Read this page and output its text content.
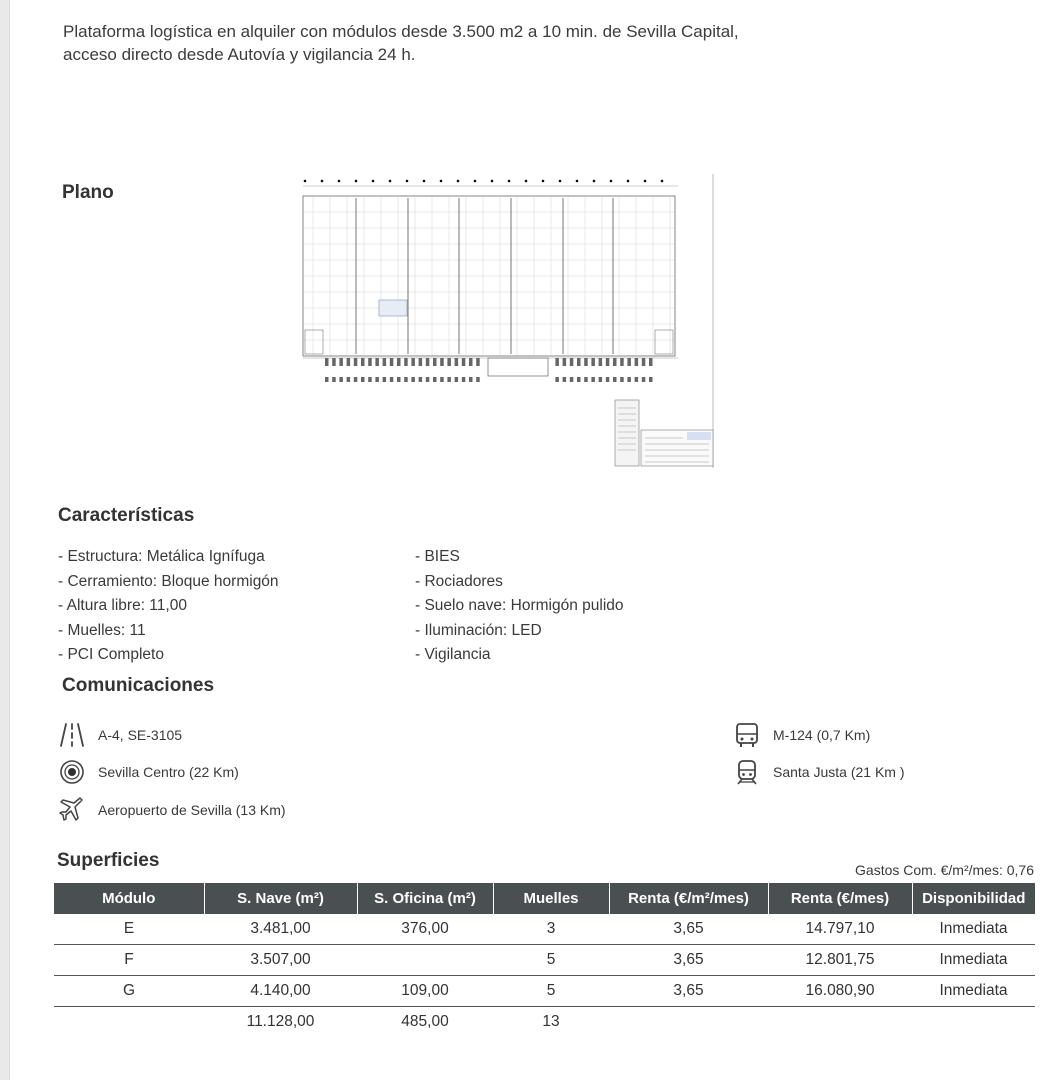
Plataforma logística en alquiler con módulos desde 3.500 m2 a 10 min. de Sevilla Capital, acceso directo desde Autovía y vigilancia 24 h.
Plano
Características
- Estructura: Metálica Ignífuga
- Cerramiento: Bloque hormigón
- Altura libre: 11,00
- Muelles: 11
- PCI Completo
- BIES
- Rociadores
- Suelo nave: Hormigón pulido
- Iluminación: LED
- Vigilancia
Comunicaciones
A-4, SE-3105
Sevilla Centro (22 Km)
Aeropuerto de Sevilla (13 Km)
M-124 (0,7 Km)
Santa Justa (21 Km )
Superficies	Gastos Com. €/m²/mes: 0,76
Módulo	S. Nave (m²)	S. Oficina (m²)	Muelles	Renta (€/m²/mes)	Renta (€/mes)	Disponibilidad
E	3.481,00	376,00	3	3,65	14.797,10	Inmediata
F	3.507,00		5	3,65	12.801,75	Inmediata
G	4.140,00	109,00	5	3,65	16.080,90	Inmediata
	11.128,00	485,00	13			
